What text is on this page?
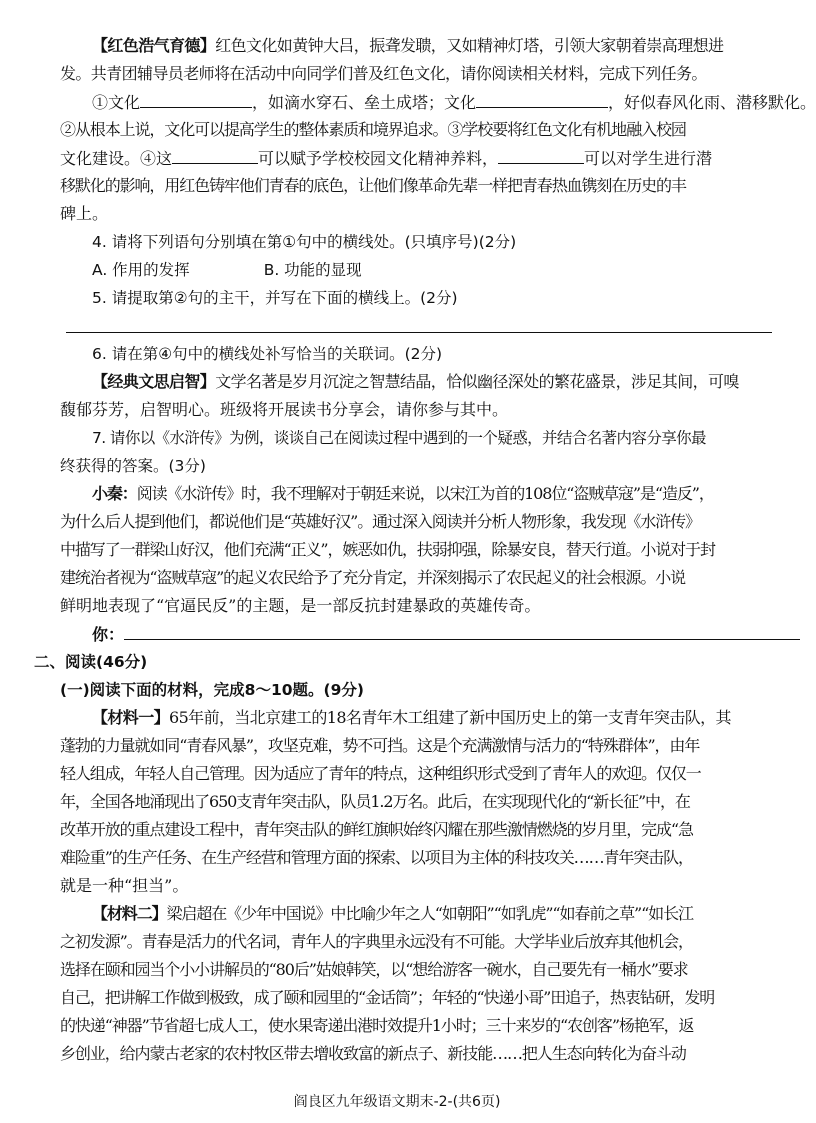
【红色浩气育德】红色文化如黄钟大吕，振聋发聩，又如精神灯塔，引领大家朝着崇高理想进
发。共青团辅导员老师将在活动中向同学们普及红色文化，请你阅读相关材料，完成下列任务。
①文化	，如滴水穿石、垒土成塔；文化	，好似春风化雨、潜移默化。
②从根本上说，文化可以提高学生的整体素质和境界追求。③学校要将红色文化有机地融入校园
文化建设。④这	可以赋予学校校园文化精神养料，	可以对学生进行潜
移默化的影响，用红色铸牢他们青春的底色，让他们像革命先辈一样把青春热血镌刻在历史的丰
碑上。
4. 请将下列语句分别填在第①句中的横线处。(只填序号)(2分)
A. 作用的发挥	B. 功能的显现
5. 请提取第②句的主干，并写在下面的横线上。(2分)
6. 请在第④句中的横线处补写恰当的关联词。(2分)
【经典文思启智】文学名著是岁月沉淀之智慧结晶，恰似幽径深处的繁花盛景，涉足其间，可嗅
馥郁芬芳，启智明心。班级将开展读书分享会，请你参与其中。
7. 请你以《水浒传》为例，谈谈自己在阅读过程中遇到的一个疑惑，并结合名著内容分享你最
终获得的答案。(3分)
小秦：阅读《水浒传》时，我不理解对于朝廷来说，以宋江为首的108位“盗贼草寇”是“造反”，
为什么后人提到他们，都说他们是“英雄好汉”。通过深入阅读并分析人物形象，我发现《水浒传》
中描写了一群梁山好汉，他们充满“正义”，嫉恶如仇，扶弱抑强，除暴安良，替天行道。小说对于封
建统治者视为“盗贼草寇”的起义农民给予了充分肯定，并深刻揭示了农民起义的社会根源。小说
鲜明地表现了“官逼民反”的主题，是一部反抗封建暴政的英雄传奇。
你：
二、阅读(46分)
(一)阅读下面的材料，完成8～10题。(9分)
【材料一】65年前，当北京建工的18名青年木工组建了新中国历史上的第一支青年突击队，其
蓬勃的力量就如同“青春风暴”，攻坚克难，势不可挡。这是个充满激情与活力的“特殊群体”，由年
轻人组成，年轻人自己管理。因为适应了青年的特点，这种组织形式受到了青年人的欢迎。仅仅一
年，全国各地涌现出了650支青年突击队，队员1.2万名。此后，在实现现代化的“新长征”中，在
改革开放的重点建设工程中，青年突击队的鲜红旗帜始终闪耀在那些激情燃烧的岁月里，完成“急
难险重”的生产任务、在生产经营和管理方面的探索、以项目为主体的科技攻关……青年突击队，
就是一种“担当”。
【材料二】梁启超在《少年中国说》中比喻少年之人“如朝阳”“如乳虎”“如春前之草”“如长江
之初发源”。青春是活力的代名词，青年人的字典里永远没有不可能。大学毕业后放弃其他机会，
选择在颐和园当个小小讲解员的“80后”姑娘韩笑，以“想给游客一碗水，自己要先有一桶水”要求
自己，把讲解工作做到极致，成了颐和园里的“金话筒”；年轻的“快递小哥”田追子，热衷钻研，发明
的快递“神器”节省超七成人工，使水果寄递出港时效提升1小时；三十来岁的“农创客”杨艳军，返
乡创业，给内蒙古老家的农村牧区带去增收致富的新点子、新技能……把人生态向转化为奋斗动
阎良区九年级语文期末-2-(共6页)
